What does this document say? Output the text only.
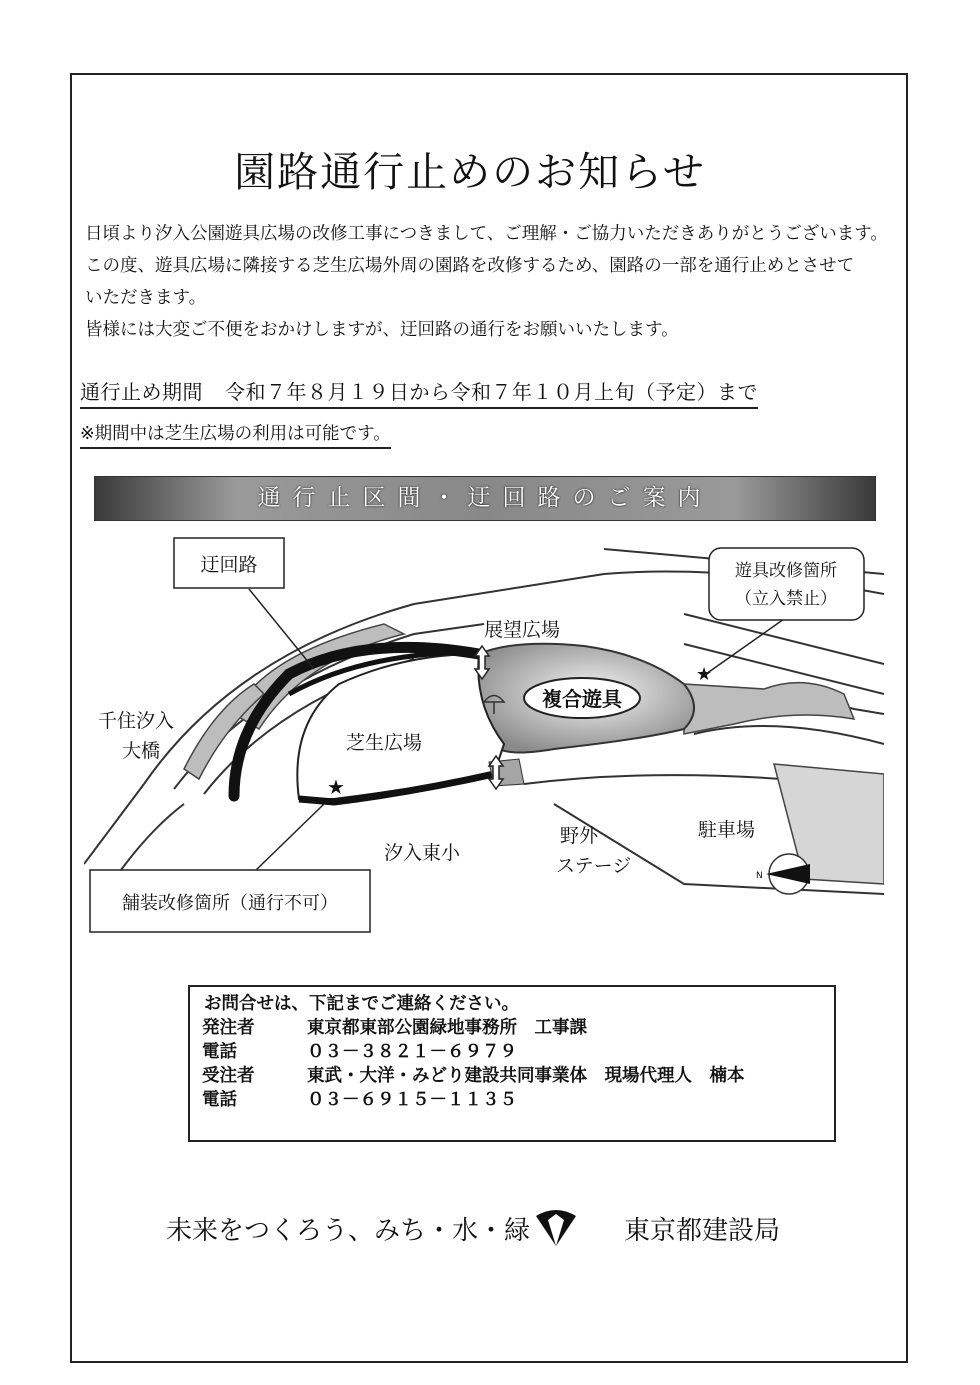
園路通行止めのお知らせ

日頃より汐入公園遊具広場の改修工事につきまして、ご理解・ご協力いただきありがとうございます。

この度、遊具広場に隣接する芝生広場外周の園路を改修するため、園路の一部を通行止めとさせて

いただきます。

皆様には大変ご不便をおかけしますが、迂回路の通行をお願いいたします。

通行止め期間 令和７年８月１９日から令和７年１０月上旬（予定）まで
※期間中は芝生広場の利用は可能です。
通行止区間・迂回路のご案内
★
★
迂回路	遊具改修箇所
（立入禁止）
舗装改修箇所（通行不可）
展望広場
複合遊具
芝生広場
千住汐入
大橋
汐入東小
野外
ステージ
駐車場
N
お問合せは、下記までご連絡ください。
発注者	東京都東部公園緑地事務所　工事課
電話	０３－３８２１－６９７９
受注者	東武・大洋・みどり建設共同事業体　現場代理人　楠本
電話	０３－６９１５－１１３５
未来をつくろう、みち・水・緑	東京都建設局
